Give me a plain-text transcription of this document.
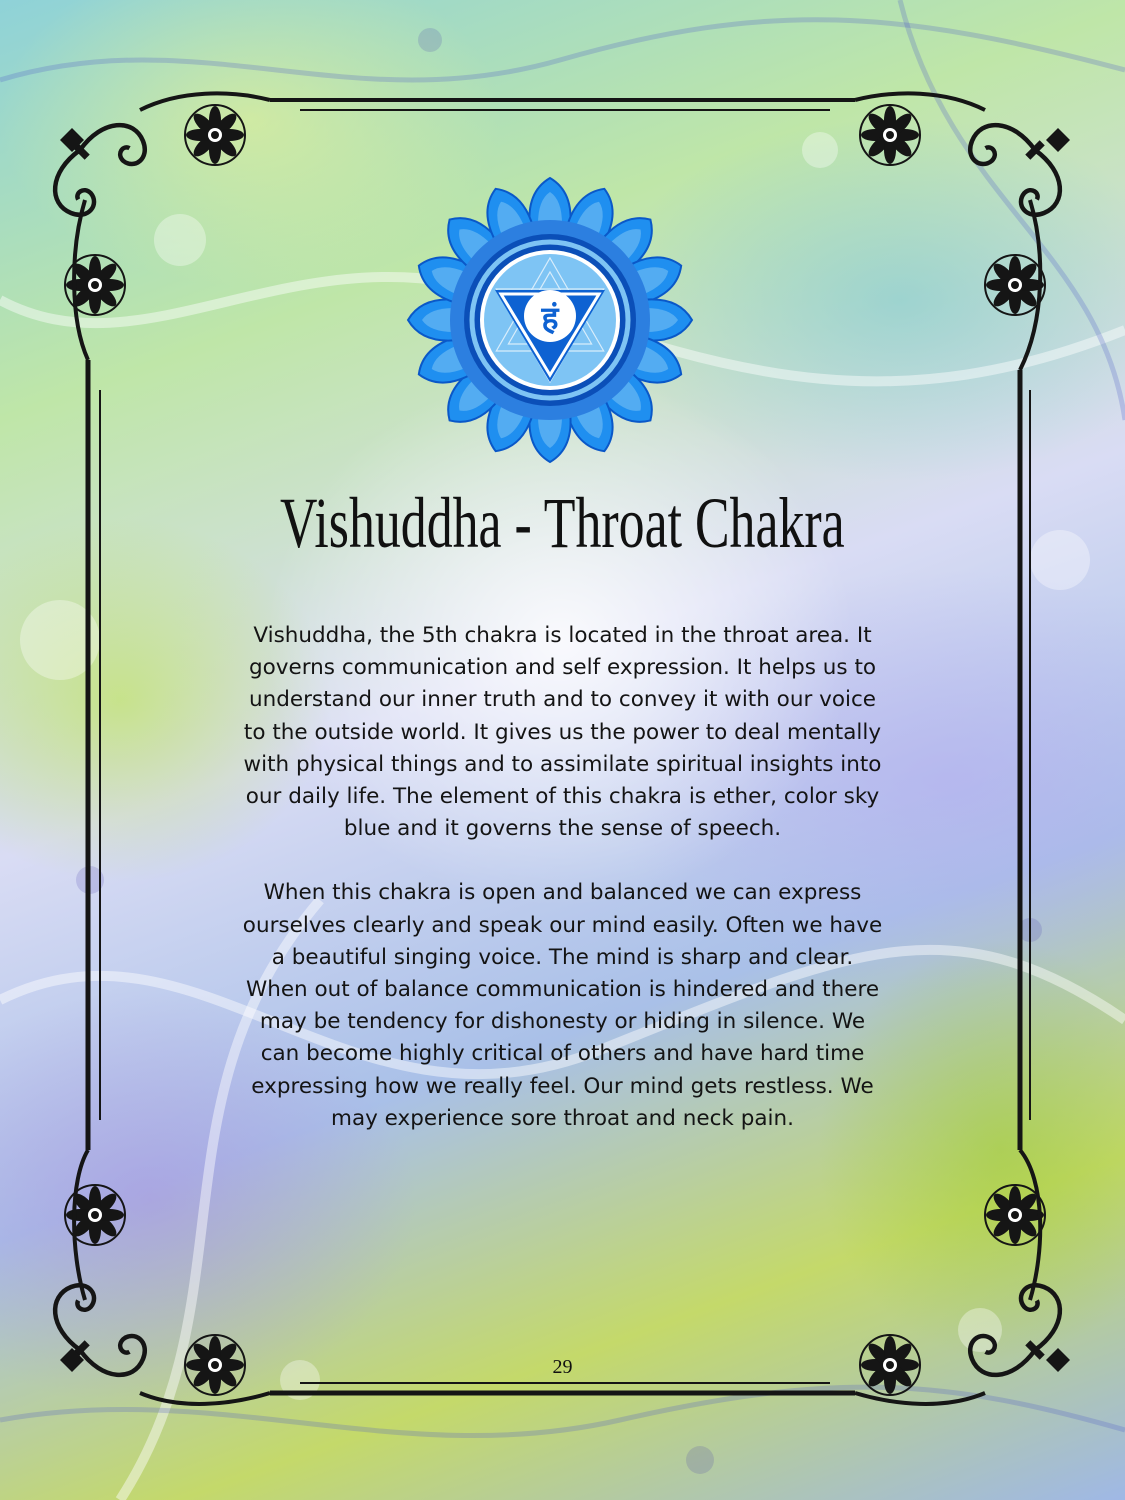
हं
Vishuddha - Throat Chakra

Vishuddha, the 5th chakra is located in the throat area. It governs communication and self expression. It helps us to understand our inner truth and to convey it with our voice to the outside world. It gives us the power to deal mentally with physical things and to assimilate spiritual insights into our daily life. The element of this chakra is ether, color sky blue and it governs the sense of speech.

When this chakra is open and balanced we can express ourselves clearly and speak our mind easily. Often we have a beautiful singing voice. The mind is sharp and clear. When out of balance communication is hindered and there may be tendency for dishonesty or hiding in silence. We can become highly critical of others and have hard time expressing how we really feel. Our mind gets restless. We may experience sore throat and neck pain.

29
